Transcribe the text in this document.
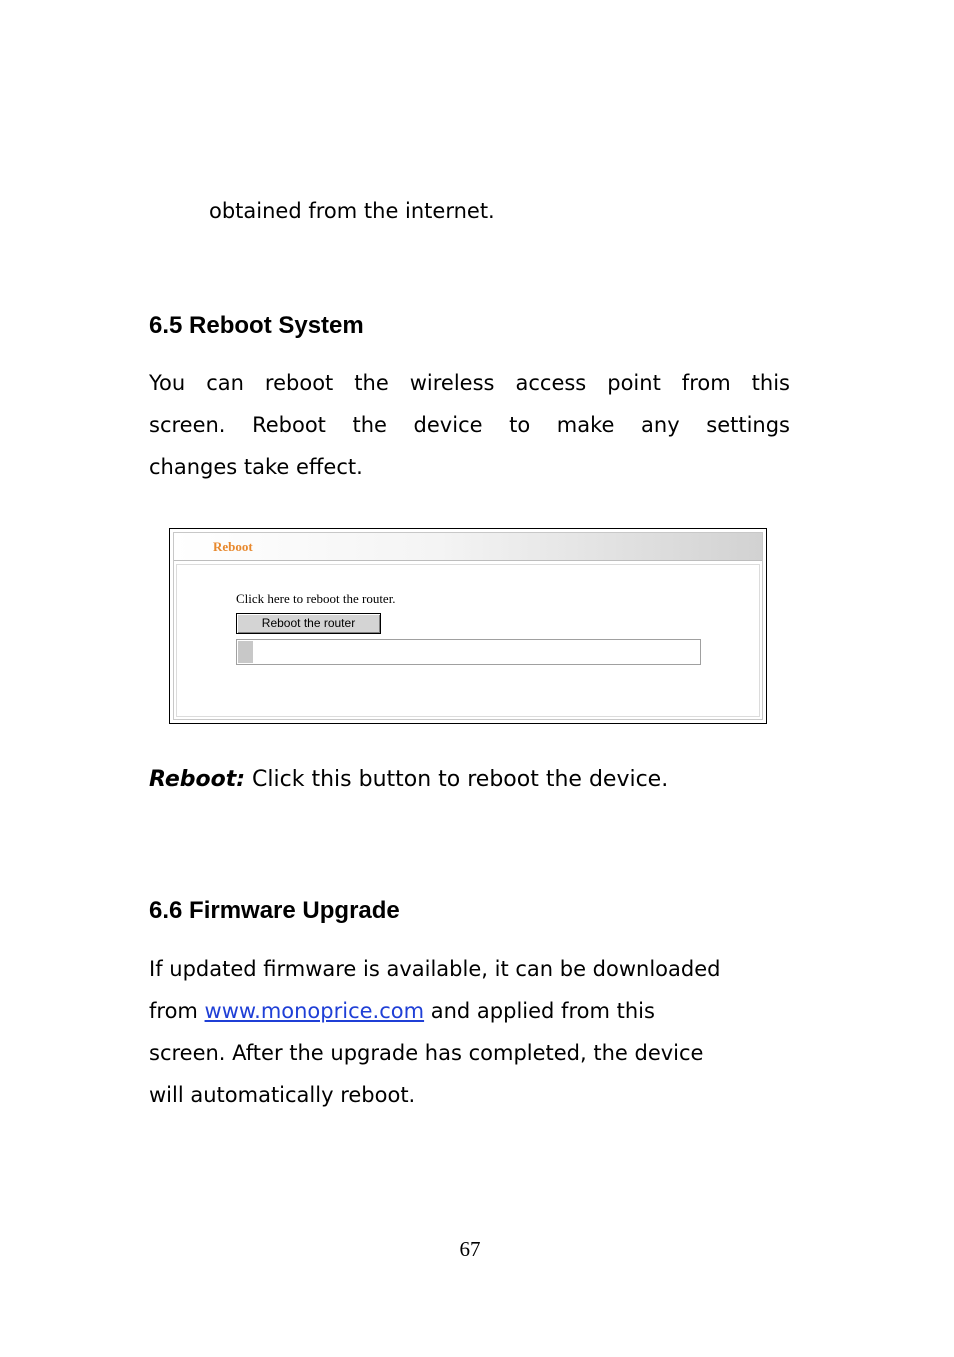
obtained from the internet.
6.5 Reboot System
You can reboot the wireless access point from this
screen. Reboot the device to make any settings
changes take effect.
Reboot
Click here to reboot the router.
Reboot the router
Reboot: Click this button to reboot the device.
6.6 Firmware Upgrade
If updated firmware is available, it can be downloaded
from www.monoprice.com and applied from this
screen. After the upgrade has completed, the device
will automatically reboot.
67
